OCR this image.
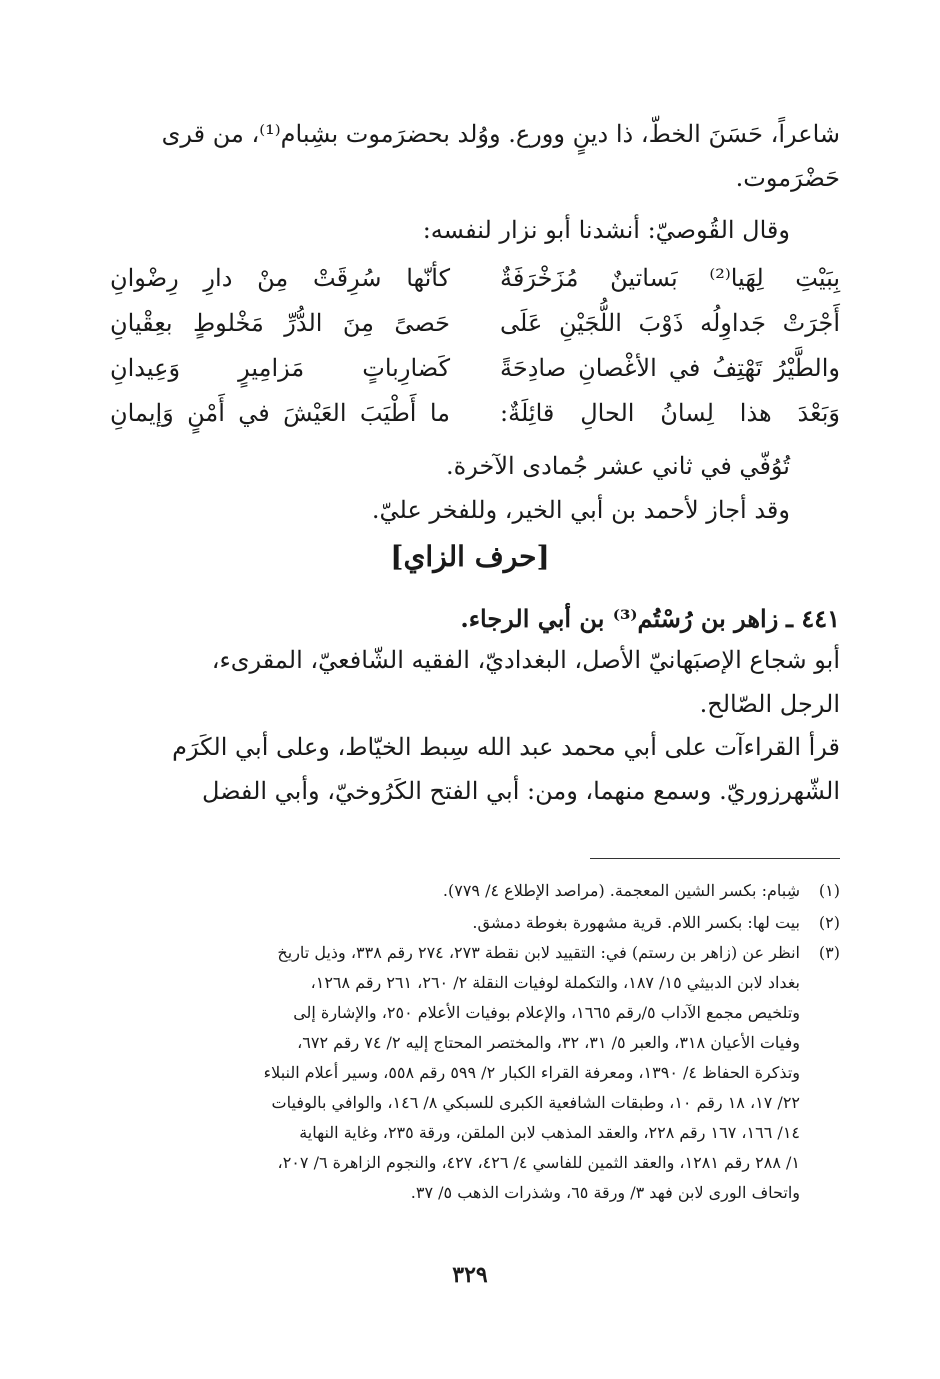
شاعراً، حَسَنَ الخطّ، ذا دينٍ وورع. ووُلد بحضرَموت بشِبام⁽¹⁾، من قرى
حَضْرَموت.

وقال القُوصيّ: أنشدنا أبو نزار لنفسه:

بِبَيْتِ لِهَيا⁽²⁾ بَساتينٌ مُزَخْرَفَةٌ
كأنّها سُرِقَتْ مِنْ دارِ رِضْوانِ
أَجْرَتْ جَداوِلُه ذَوْبَ اللُّجَيْنِ عَلَى
حَصىً مِنَ الدُّرِّ مَخْلوطٍ بعِقْيانِ
والطَّيْرُ تَهْتِفُ في الأغْصانِ صادِحَةً
كَضارِباتٍ مَزامِيرٍ وَعِيدانِ
وَبَعْدَ هذا لِسانُ الحالِ قائِلَةٌ:
ما أَطْيَبَ العَيْشَ في أَمْنٍ وَإيمانِ

تُوُفّي في ثاني عشر جُمادى الآخرة.

وقد أجاز لأحمد بن أبي الخير، وللفخر عليّ.

[حرف الزاي]

٤٤١ ـ زاهر بن رُسْتُم⁽³⁾ بن أبي الرجاء.

أبو شجاع الإصبَهانيّ الأصل، البغداديّ، الفقيه الشّافعيّ، المقرىء،
الرجل الصّالح.

قرأ القراءآت على أبي محمد عبد الله سِبط الخيّاط، وعلى أبي الكَرَم
الشّهرزوريّ. وسمع منهما، ومن: أبي الفتح الكَرُوخيّ، وأبي الفضل

(١)
شِبام: بكسر الشين المعجمة. (مراصد الإطلاع ٤/ ٧٧٩).
(٢)
بيت لها: بكسر اللام. قرية مشهورة بغوطة دمشق.
(٣)
انظر عن (زاهر بن رستم) في: التقييد لابن نقطة ٢٧٣، ٢٧٤ رقم ٣٣٨، وذيل تاريخ
بغداد لابن الدبيثي ١٥/ ١٨٧، والتكملة لوفيات النقلة ٢/ ٢٦٠، ٢٦١ رقم ١٢٦٨،
وتلخيص مجمع الآداب ٥/رقم ١٦٦٥، والإعلام بوفيات الأعلام ٢٥٠، والإشارة إلى
وفيات الأعيان ٣١٨، والعبر ٥/ ٣١، ٣٢، والمختصر المحتاج إليه ٢/ ٧٤ رقم ٦٧٢،
وتذكرة الحفاظ ٤/ ١٣٩٠، ومعرفة القراء الكبار ٢/ ٥٩٩ رقم ٥٥٨، وسير أعلام النبلاء
٢٢/ ١٧، ١٨ رقم ١٠، وطبقات الشافعية الكبرى للسبكي ٨/ ١٤٦، والوافي بالوفيات
١٤/ ١٦٦، ١٦٧ رقم ٢٢٨، والعقد المذهب لابن الملقن، ورقة ٢٣٥، وغاية النهاية
١/ ٢٨٨ رقم ١٢٨١، والعقد الثمين للفاسي ٤/ ٤٢٦، ٤٢٧، والنجوم الزاهرة ٦/ ٢٠٧،
واتحاف الورى لابن فهد ٣/ ورقة ٦٥، وشذرات الذهب ٥/ ٣٧.
٣٢٩
